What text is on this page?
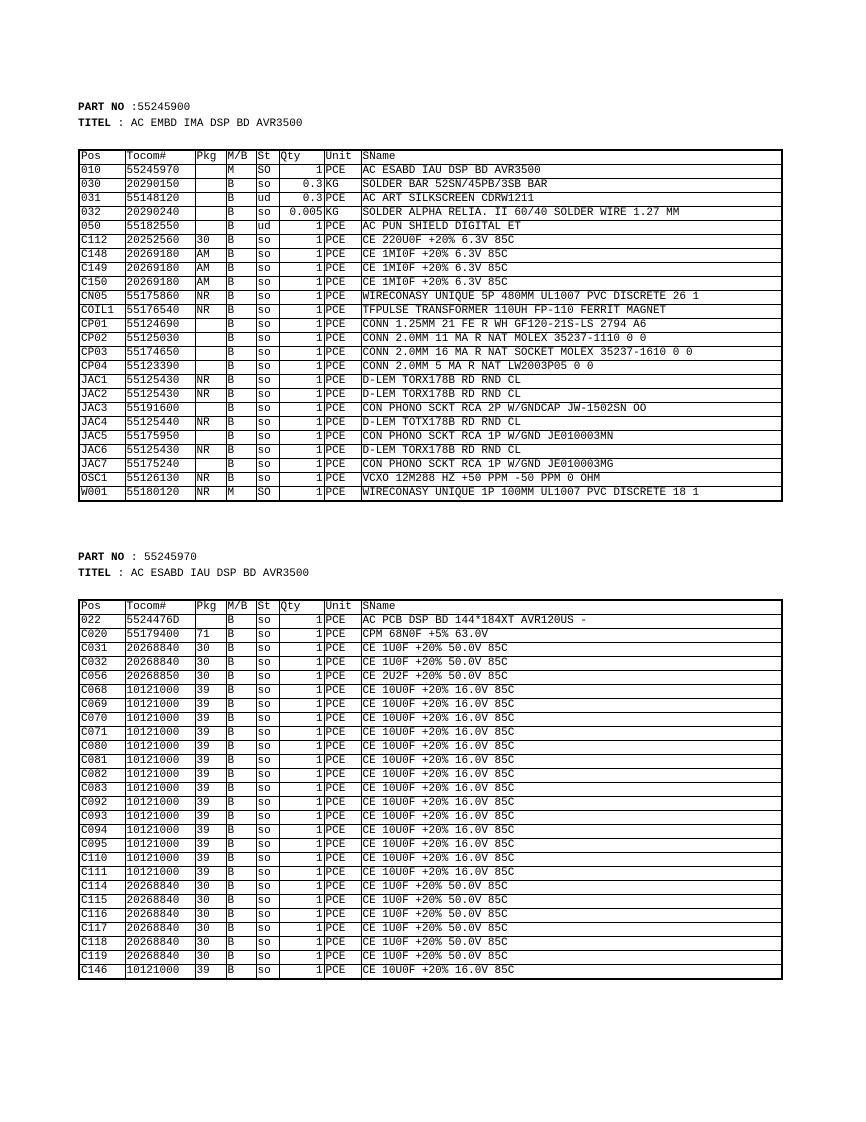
PART NO :55245900
TITEL : AC EMBD IMA DSP BD AVR3500
Pos	Tocom#	Pkg	M/B	St	Qty	Unit	SName
010	55245970		M	SO	1	PCE	AC ESABD IAU DSP BD AVR3500
030	20290150		B	so	0.3	KG	SOLDER BAR 52SN/45PB/3SB BAR
031	55148120		B	ud	0.3	PCE	AC ART SILKSCREEN CDRW1211
032	20290240		B	so	0.005	KG	SOLDER ALPHA RELIA. II 60/40 SOLDER WIRE 1.27 MM
050	55182550		B	ud	1	PCE	AC PUN SHIELD DIGITAL ET
C112	20252560	30	B	so	1	PCE	CE 220U0F +20% 6.3V 85C
C148	20269180	AM	B	so	1	PCE	CE 1MI0F +20% 6.3V 85C
C149	20269180	AM	B	so	1	PCE	CE 1MI0F +20% 6.3V 85C
C150	20269180	AM	B	so	1	PCE	CE 1MI0F +20% 6.3V 85C
CN05	55175860	NR	B	so	1	PCE	WIRECONASY UNIQUE 5P 480MM UL1007 PVC DISCRETE 26 1
COIL1	55176540	NR	B	so	1	PCE	TFPULSE TRANSFORMER 110UH FP-110 FERRIT MAGNET
CP01	55124690		B	so	1	PCE	CONN 1.25MM 21 FE R WH GF120-21S-LS 2794 A6
CP02	55125030		B	so	1	PCE	CONN 2.0MM 11 MA R NAT MOLEX 35237-1110 0 0
CP03	55174650		B	so	1	PCE	CONN 2.0MM 16 MA R NAT SOCKET MOLEX 35237-1610 0 0
CP04	55123390		B	so	1	PCE	CONN 2.0MM 5 MA R NAT LW2003P05 0 0
JAC1	55125430	NR	B	so	1	PCE	D-LEM TORX178B RD RND CL
JAC2	55125430	NR	B	so	1	PCE	D-LEM TORX178B RD RND CL
JAC3	55191600		B	so	1	PCE	CON PHONO SCKT RCA 2P W/GNDCAP JW-1502SN OO
JAC4	55125440	NR	B	so	1	PCE	D-LEM TOTX178B RD RND CL
JAC5	55175950		B	so	1	PCE	CON PHONO SCKT RCA 1P W/GND JE010003MN
JAC6	55125430	NR	B	so	1	PCE	D-LEM TORX178B RD RND CL
JAC7	55175240		B	so	1	PCE	CON PHONO SCKT RCA 1P W/GND JE010003MG
OSC1	55126130	NR	B	so	1	PCE	VCXO 12M288 HZ +50 PPM -50 PPM 0 OHM
W001	55180120	NR	M	SO	1	PCE	WIRECONASY UNIQUE 1P 100MM UL1007 PVC DISCRETE 18 1
PART NO : 55245970
TITEL : AC ESABD IAU DSP BD AVR3500
Pos	Tocom#	Pkg	M/B	St	Qty	Unit	SName
022	5524476D		B	so	1	PCE	AC PCB DSP BD 144*184XT AVR120US -
C020	55179400	71	B	so	1	PCE	CPM 68N0F +5% 63.0V
C031	20268840	30	B	so	1	PCE	CE 1U0F +20% 50.0V 85C
C032	20268840	30	B	so	1	PCE	CE 1U0F +20% 50.0V 85C
C056	20268850	30	B	so	1	PCE	CE 2U2F +20% 50.0V 85C
C068	10121000	39	B	so	1	PCE	CE 10U0F +20% 16.0V 85C
C069	10121000	39	B	so	1	PCE	CE 10U0F +20% 16.0V 85C
C070	10121000	39	B	so	1	PCE	CE 10U0F +20% 16.0V 85C
C071	10121000	39	B	so	1	PCE	CE 10U0F +20% 16.0V 85C
C080	10121000	39	B	so	1	PCE	CE 10U0F +20% 16.0V 85C
C081	10121000	39	B	so	1	PCE	CE 10U0F +20% 16.0V 85C
C082	10121000	39	B	so	1	PCE	CE 10U0F +20% 16.0V 85C
C083	10121000	39	B	so	1	PCE	CE 10U0F +20% 16.0V 85C
C092	10121000	39	B	so	1	PCE	CE 10U0F +20% 16.0V 85C
C093	10121000	39	B	so	1	PCE	CE 10U0F +20% 16.0V 85C
C094	10121000	39	B	so	1	PCE	CE 10U0F +20% 16.0V 85C
C095	10121000	39	B	so	1	PCE	CE 10U0F +20% 16.0V 85C
C110	10121000	39	B	so	1	PCE	CE 10U0F +20% 16.0V 85C
C111	10121000	39	B	so	1	PCE	CE 10U0F +20% 16.0V 85C
C114	20268840	30	B	so	1	PCE	CE 1U0F +20% 50.0V 85C
C115	20268840	30	B	so	1	PCE	CE 1U0F +20% 50.0V 85C
C116	20268840	30	B	so	1	PCE	CE 1U0F +20% 50.0V 85C
C117	20268840	30	B	so	1	PCE	CE 1U0F +20% 50.0V 85C
C118	20268840	30	B	so	1	PCE	CE 1U0F +20% 50.0V 85C
C119	20268840	30	B	so	1	PCE	CE 1U0F +20% 50.0V 85C
C146	10121000	39	B	so	1	PCE	CE 10U0F +20% 16.0V 85C
